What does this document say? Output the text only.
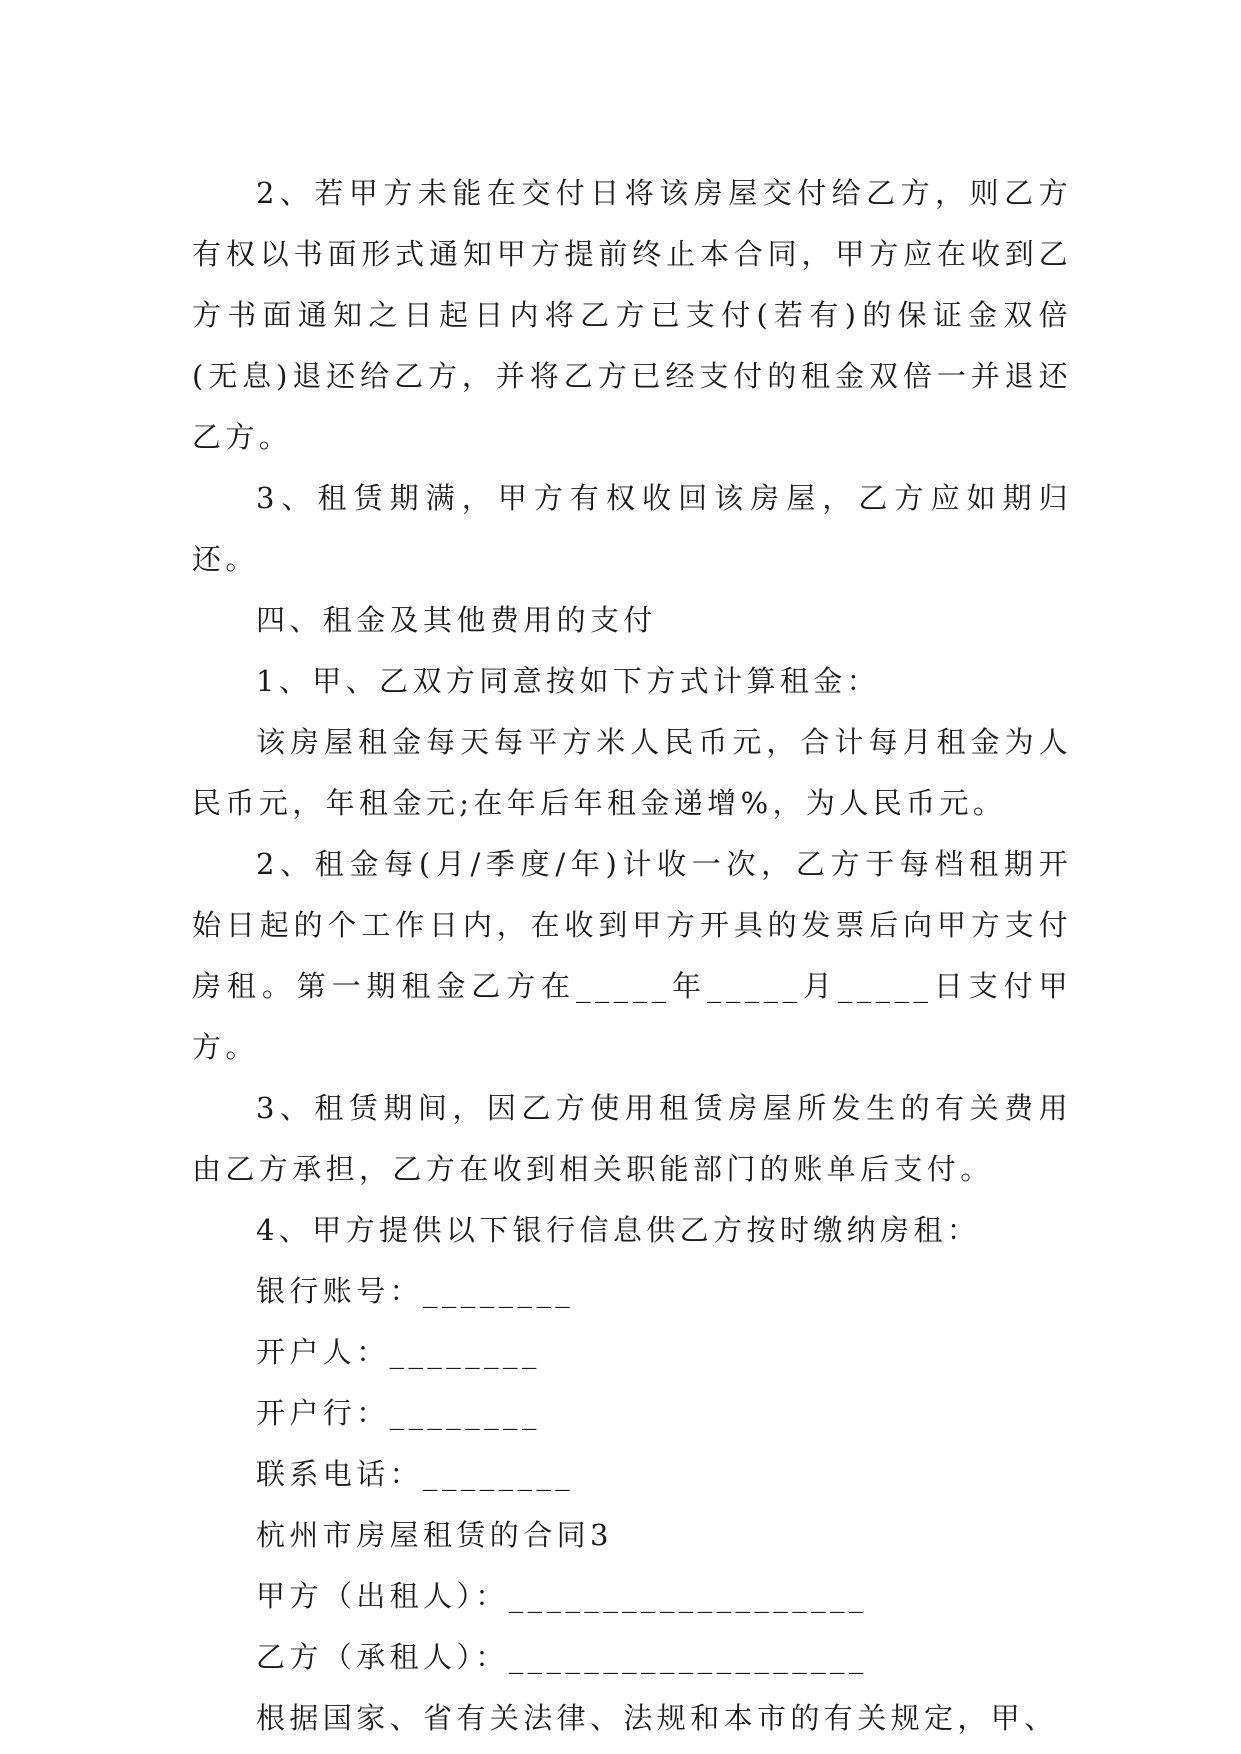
2、若甲方未能在交付日将该房屋交付给乙方，则乙方有权以书面形式通知甲方提前终止本合同，甲方应在收到乙方书面通知之日起日内将乙方已支付(若有)的保证金双倍(无息)退还给乙方，并将乙方已经支付的租金双倍一并退还乙方。

3、租赁期满，甲方有权收回该房屋，乙方应如期归还。

四、租金及其他费用的支付

1、甲、乙双方同意按如下方式计算租金：

该房屋租金每天每平方米人民币元，合计每月租金为人民币元，年租金元;在年后年租金递增%，为人民币元。

2、租金每(月/季度/年)计收一次，乙方于每档租期开始日起的个工作日内，在收到甲方开具的发票后向甲方支付房租。第一期租金乙方在_____年_____月_____日支付甲方。

3、租赁期间，因乙方使用租赁房屋所发生的有关费用由乙方承担，乙方在收到相关职能部门的账单后支付。

4、甲方提供以下银行信息供乙方按时缴纳房租：

银行账号：________

开户人：________

开户行：________

联系电话：________

杭州市房屋租赁的合同3

甲方（出租人）：___________________

乙方（承租人）：___________________

根据国家、省有关法律、法规和本市的有关规定，甲、
